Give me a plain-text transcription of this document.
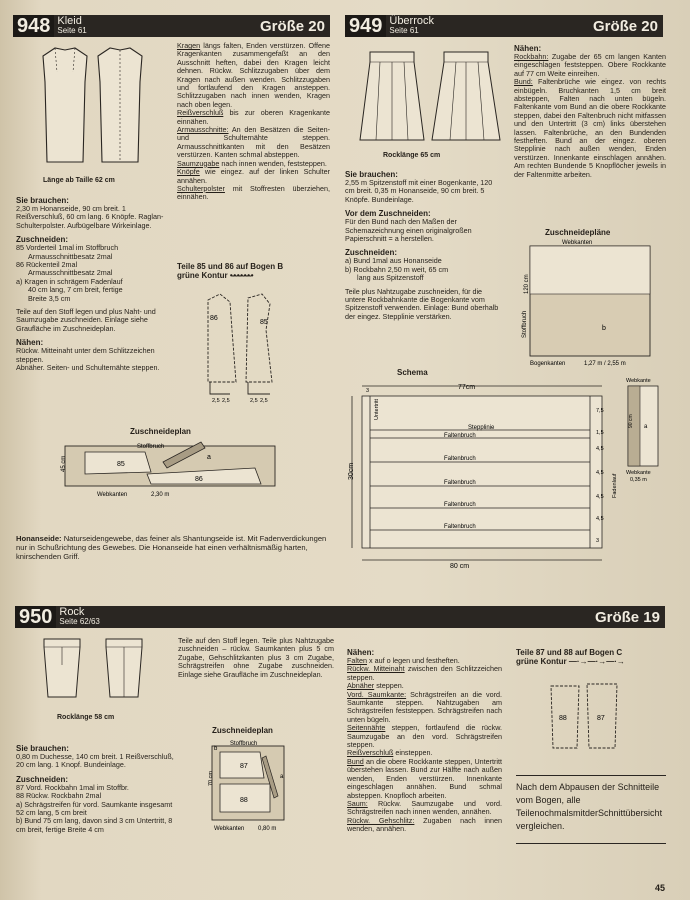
948 Kleid
Seite 61	Größe 20
Länge ab Taille 62 cm
Sie brauchen:
2,30 m Honanseide, 90 cm breit. 1 Reißverschluß, 60 cm lang. 6 Knöpfe. Raglan-Schulterpolster. Aufbügelbare Wirkeinlage.
Zuschneiden:
85 Vorderteil 1mal im Stoffbruch
Armausschnittbesatz 2mal
86 Rückenteil 2mal
Armausschnittbesatz 2mal
a) Kragen in schrägem Fadenlauf
40 cm lang, 7 cm breit, fertige
Breite 3,5 cm
Teile auf den Stoff legen und plus Naht- und Saumzugabe zuschneiden. Einlage siehe Graufläche im Zuschneideplan.
Nähen:
Rückw. Mitteinaht unter dem Schlitzzeichen steppen.
Abnäher. Seiten- und Schulternähte steppen.
Kragen längs falten, Enden verstürzen. Offene Kragenkanten zusammengefaßt an den Ausschnitt heften, dabei den Kragen leicht dehnen. Rückw. Schlitzzugaben über dem Kragen nach außen wenden. Schlitzzugaben und fortlaufend den Kragen ansteppen. Schlitzzugaben nach innen wenden, Kragen nach oben legen.
Reißverschluß bis zur oberen Kragenkante einnähen.
Armausschnitte: An den Besätzen die Seiten- und Schulternähte steppen. Armausschnittkanten mit den Besätzen verstürzen. Kanten schmal absteppen.
Saumzugabe nach innen wenden, feststeppen.
Knöpfe wie eingez. auf der linken Schulter annähen.
Schulterpolster mit Stoffresten überziehen, einnähen.
Teile 85 und 86 auf Bogen B
grüne Kontur •-•-•-•-•-•-•
86
85
2,5 2,5	2,5 2,5
Zuschneideplan
Stoffbruch
85
86
a
Webkanten	2,30 m
45 cm
Honanseide: Naturseidengewebe, das feiner als Shantungseide ist. Mit Fadenverdickungen nur in Schußrichtung des Gewebes. Die Honanseide hat einen verhältnismäßig harten, knirschenden Griff.
949 Überrock
Seite 61	Größe 20
Rocklänge 65 cm
Sie brauchen:
2,55 m Spitzenstoff mit einer Bogenkante, 120 cm breit. 0,35 m Honanseide, 90 cm breit. 5 Knöpfe. Bundeinlage.
Vor dem Zuschneiden:
Für den Bund nach den Maßen der Schemazeichnung einen originalgroßen Papierschnitt = a herstellen.
Zuschneiden:
a) Bund 1mal aus Honanseide
b) Rockbahn 2,50 m weit, 65 cm
lang aus Spitzenstoff
Teile plus Nahtzugabe zuschneiden, für die untere Rockbahnkante die Bogenkante vom Spitzenstoff verwenden. Einlage: Bund oberhalb der eingez. Stepplinie verstärken.
Nähen:
Rockbahn: Zugabe der 65 cm langen Kanten eingeschlagen feststeppen. Obere Rockkante auf 77 cm Weite einreihen.
Bund: Faltenbrüche wie eingez. von rechts einbügeln. Bruchkanten 1,5 cm breit absteppen, Falten nach unten bügeln. Faltenkante vom Bund an die obere Rockkante steppen, dabei den Faltenbruch nicht mitfassen und den Untertritt (3 cm) links überstehen lassen. Faltenbrüche, an den Bundenden festheften. Bund an der eingez. oberen Stepplinie nach außen wenden, Enden verstürzen. Innenkante einschlagen annähen. Am rechten Bundende 5 Knopflöcher jeweils in der Faltenmitte arbeiten.
Zuschneidepläne
Webkanten
120 cm
Stoffbruch	b
Bogenkanten	1,27 m / 2,55 m
Schema
77cm
80 cm
30cm
Untertritt
Stepplinie
Faltenbruch
Faltenbruch
Faltenbruch
Faltenbruch
Faltenbruch
Fadenlauf
7,5
1,5
4,5
4,5
4,5
4,5
3
3
Webkante
a
90 cm
Webkante
0,35 m
950 Rock
Seite 62/63	Größe 19
Rocklänge 58 cm
Sie brauchen:
0,80 m Duchesse, 140 cm breit. 1 Reißverschluß, 20 cm lang. 1 Knopf. Bundeinlage.
Zuschneiden:
87 Vord. Rockbahn 1mal im Stoffbr.
88 Rückw. Rockbahn 2mal
a) Schrägstreifen für vord. Saumkante insgesamt 52 cm lang, 5 cm breit
b) Bund 75 cm lang, davon sind 3 cm Untertritt, 8 cm breit, fertige Breite 4 cm
Teile auf den Stoff legen. Teile plus Nahtzugabe zuschneiden – rückw. Saumkanten plus 5 cm Zugabe, Gehschlitzkanten plus 3 cm Zugabe, Schrägstreifen ohne Zugabe zuschneiden. Einlage siehe Graufläche im Zuschneideplan.
Zuschneideplan
Stoffbruch
b
87
a
88
70 cm
Webkanten 0,80 m
Nähen:
Falten x auf o legen und festheften.
Rückw. Mitteinaht zwischen den Schlitzzeichen steppen.
Abnäher steppen.
Vord. Saumkante: Schrägstreifen an die vord. Saumkante steppen. Nahtzugaben am Schrägstreifen feststeppen. Schrägstreifen nach unten bügeln.
Seitennähte steppen, fortlaufend die rückw. Saumzugabe an den vord. Schrägstreifen steppen.
Reißverschluß einsteppen.
Bund an die obere Rockkante steppen, Untertritt überstehen lassen. Bund zur Hälfte nach außen wenden, Enden verstürzen. Innenkante eingeschlagen annähen. Bund schmal absteppen. Knopfloch arbeiten.
Saum: Rückw. Saumzugabe und vord. Schrägstreifen nach innen wenden, annähen.
Rückw. Gehschlitz: Zugaben nach innen wenden, annähen.
Teile 87 und 88 auf Bogen C
grüne Kontur —·→—·→—·→
88	87
Nach dem Abpausen der Schnitteile vom Bogen, alle TeilenochmalsmitderSchnittübersicht vergleichen.
45
